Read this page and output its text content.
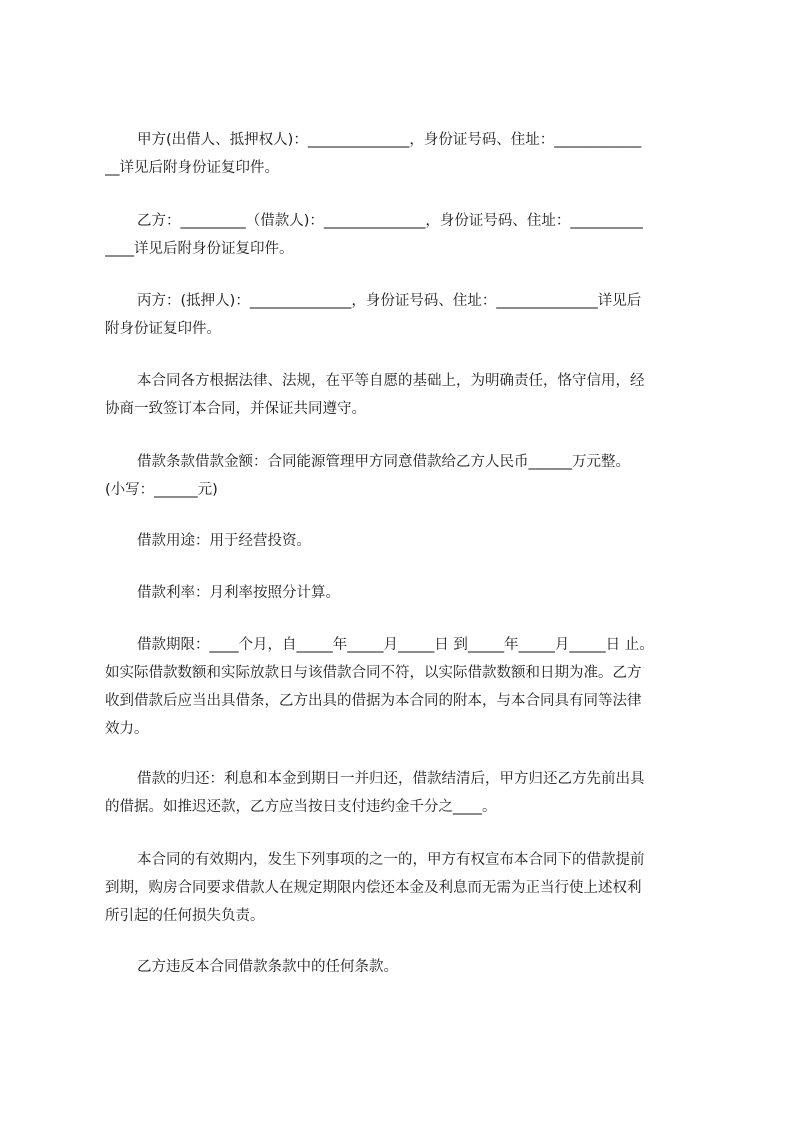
甲方(出借人、抵押权人)：______________，身份证号码、住址：____________
__详见后附身份证复印件。
乙方：_________（借款人)：______________，身份证号码、住址：__________
____详见后附身份证复印件。
丙方：(抵押人)：______________，身份证号码、住址：______________详见后
附身份证复印件。
本合同各方根据法律、法规，在平等自愿的基础上，为明确责任，恪守信用，经
协商一致签订本合同，并保证共同遵守。
借款条款借款金额：合同能源管理甲方同意借款给乙方人民币______万元整。
(小写：______元)
借款用途：用于经营投资。
借款利率：月利率按照分计算。
借款期限：____个月，自_____年_____月_____日 到_____年_____月_____日 止。
如实际借款数额和实际放款日与该借款合同不符，以实际借款数额和日期为准。乙方
收到借款后应当出具借条，乙方出具的借据为本合同的附本，与本合同具有同等法律
效力。
借款的归还：利息和本金到期日一并归还，借款结清后，甲方归还乙方先前出具
的借据。如推迟还款，乙方应当按日支付违约金千分之____。
本合同的有效期内，发生下列事项的之一的，甲方有权宣布本合同下的借款提前
到期，购房合同要求借款人在规定期限内偿还本金及利息而无需为正当行使上述权利
所引起的任何损失负责。
乙方违反本合同借款条款中的任何条款。
